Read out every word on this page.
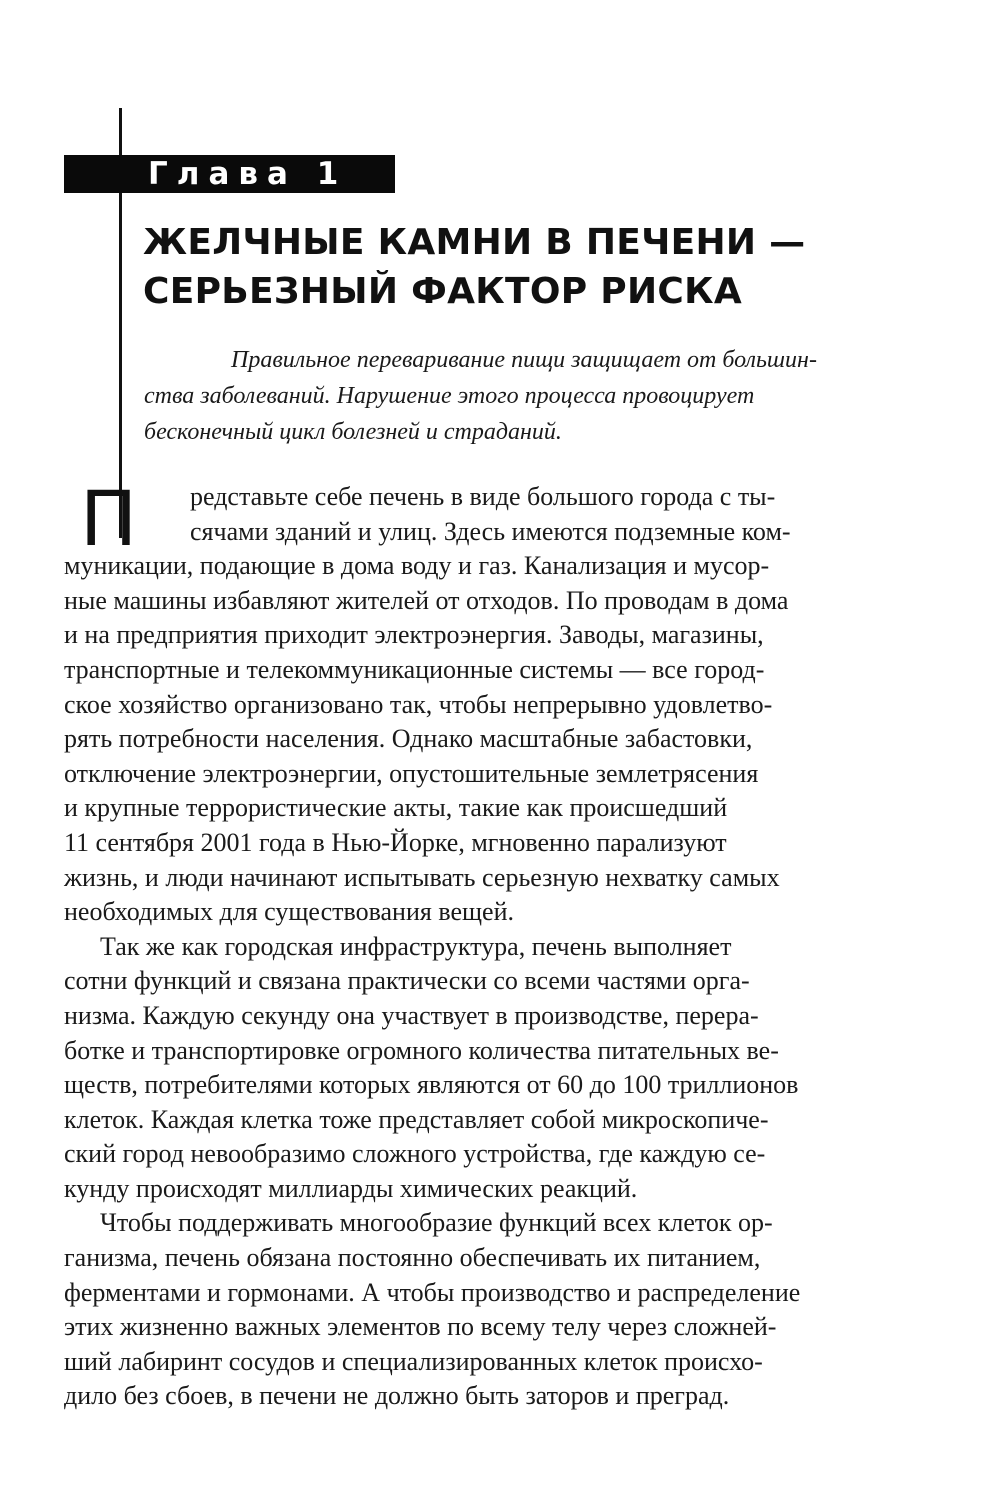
Глава 1
ЖЕЛЧНЫЕ КАМНИ В ПЕЧЕНИ —
СЕРЬЕЗНЫЙ ФАКТОР РИСКА
Правильное переваривание пищи защищает от большин-
ства заболеваний. Нарушение этого процесса провоцирует
бесконечный цикл болезней и страданий.
П	редставьте себе печень в виде большого города с ты-
сячами зданий и улиц. Здесь имеются подземные ком-
муникации, подающие в дома воду и газ. Канализация и мусор-
ные машины избавляют жителей от отходов. По проводам в дома
и на предприятия приходит электроэнергия. Заводы, магазины,
транспортные и телекоммуникационные системы — все город-
ское хозяйство организовано так, чтобы непрерывно удовлетво-
рять потребности населения. Однако масштабные забастовки,
отключение электроэнергии, опустошительные землетрясения
и крупные террористические акты, такие как происшедший
11 сентября 2001 года в Нью-Йорке, мгновенно парализуют
жизнь, и люди начинают испытывать серьезную нехватку самых
необходимых для существования вещей.
Так же как городская инфраструктура, печень выполняет
сотни функций и связана практически со всеми частями орга-
низма. Каждую секунду она участвует в производстве, перера-
ботке и транспортировке огромного количества питательных ве-
ществ, потребителями которых являются от 60 до 100 триллионов
клеток. Каждая клетка тоже представляет собой микроскопиче-
ский город невообразимо сложного устройства, где каждую се-
кунду происходят миллиарды химических реакций.
Чтобы поддерживать многообразие функций всех клеток ор-
ганизма, печень обязана постоянно обеспечивать их питанием,
ферментами и гормонами. А чтобы производство и распределение
этих жизненно важных элементов по всему телу через сложней-
ший лабиринт сосудов и специализированных клеток происхо-
дило без сбоев, в печени не должно быть заторов и преград.
